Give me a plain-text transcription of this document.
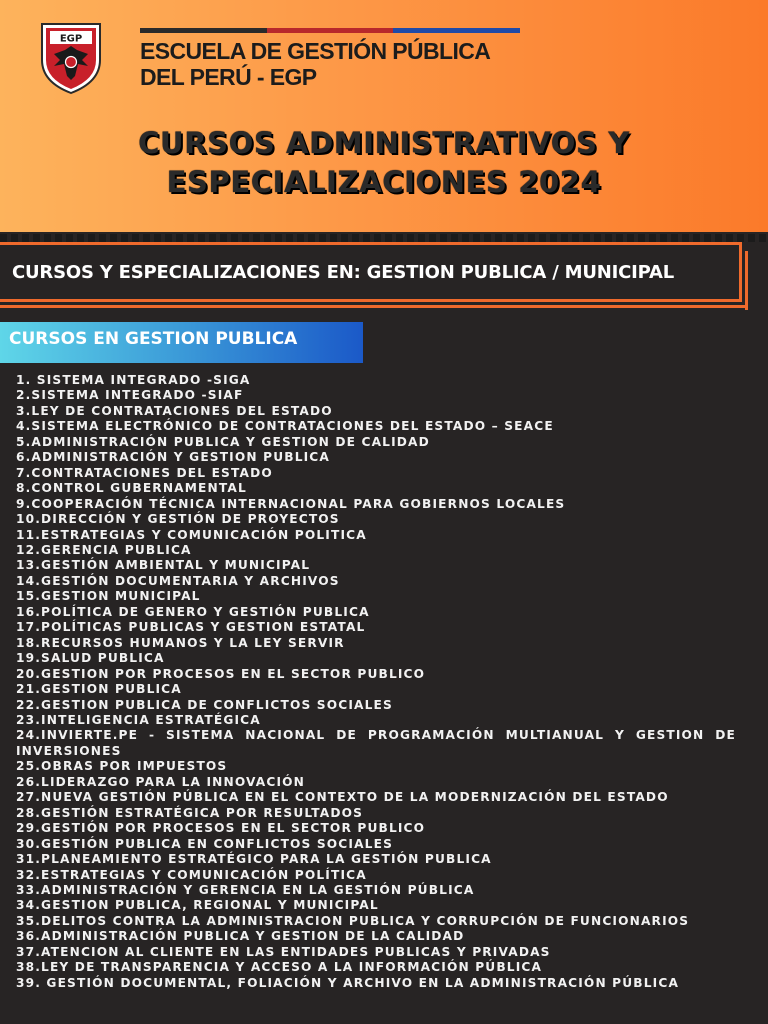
EGP	ESCUELA DE GESTIÓN PÚBLICA
DEL PERÚ - EGP
CURSOS ADMINISTRATIVOS Y
ESPECIALIZACIONES 2024
CURSOS Y ESPECIALIZACIONES EN: GESTION PUBLICA / MUNICIPAL
CURSOS EN GESTION PUBLICA
1. SISTEMA INTEGRADO -SIGA
2.SISTEMA INTEGRADO -SIAF
3.LEY DE CONTRATACIONES DEL ESTADO
4.SISTEMA ELECTRÓNICO DE CONTRATACIONES DEL ESTADO – SEACE
5.ADMINISTRACIÓN PUBLICA Y GESTION DE CALIDAD
6.ADMINISTRACIÓN Y GESTION PUBLICA
7.CONTRATACIONES DEL ESTADO
8.CONTROL GUBERNAMENTAL
9.COOPERACIÓN TÉCNICA INTERNACIONAL PARA GOBIERNOS LOCALES
10.DIRECCIÓN Y GESTIÓN DE PROYECTOS
11.ESTRATEGIAS Y COMUNICACIÓN POLITICA
12.GERENCIA PUBLICA
13.GESTIÓN AMBIENTAL Y MUNICIPAL
14.GESTIÓN DOCUMENTARIA Y ARCHIVOS
15.GESTION MUNICIPAL
16.POLÍTICA DE GENERO Y GESTIÓN PUBLICA
17.POLÍTICAS PUBLICAS Y GESTION ESTATAL
18.RECURSOS HUMANOS Y LA LEY SERVIR
19.SALUD PUBLICA
20.GESTION POR PROCESOS EN EL SECTOR PUBLICO
21.GESTION PUBLICA
22.GESTION PUBLICA DE CONFLICTOS SOCIALES
23.INTELIGENCIA ESTRATÉGICA
24.INVIERTE.PE - SISTEMA NACIONAL DE PROGRAMACIÓN MULTIANUAL Y GESTION DE INVERSIONES
25.OBRAS POR IMPUESTOS
26.LIDERAZGO PARA LA INNOVACIÓN
27.NUEVA GESTIÓN PÚBLICA EN EL CONTEXTO DE LA MODERNIZACIÓN DEL ESTADO
28.GESTIÓN ESTRATÉGICA POR RESULTADOS
29.GESTIÓN POR PROCESOS EN EL SECTOR PUBLICO
30.GESTIÓN PUBLICA EN CONFLICTOS SOCIALES
31.PLANEAMIENTO ESTRATÉGICO PARA LA GESTIÓN PUBLICA
32.ESTRATEGIAS Y COMUNICACIÓN POLÍTICA
33.ADMINISTRACIÓN Y GERENCIA EN LA GESTIÓN PÚBLICA
34.GESTION PUBLICA, REGIONAL Y MUNICIPAL
35.DELITOS CONTRA LA ADMINISTRACION PUBLICA Y CORRUPCIÓN DE FUNCIONARIOS
36.ADMINISTRACIÓN PUBLICA Y GESTION DE LA CALIDAD
37.ATENCION AL CLIENTE EN LAS ENTIDADES PUBLICAS Y PRIVADAS
38.LEY DE TRANSPARENCIA Y ACCESO A LA INFORMACIÓN PÚBLICA
39. GESTIÓN DOCUMENTAL, FOLIACIÓN Y ARCHIVO EN LA ADMINISTRACIÓN PÚBLICA
